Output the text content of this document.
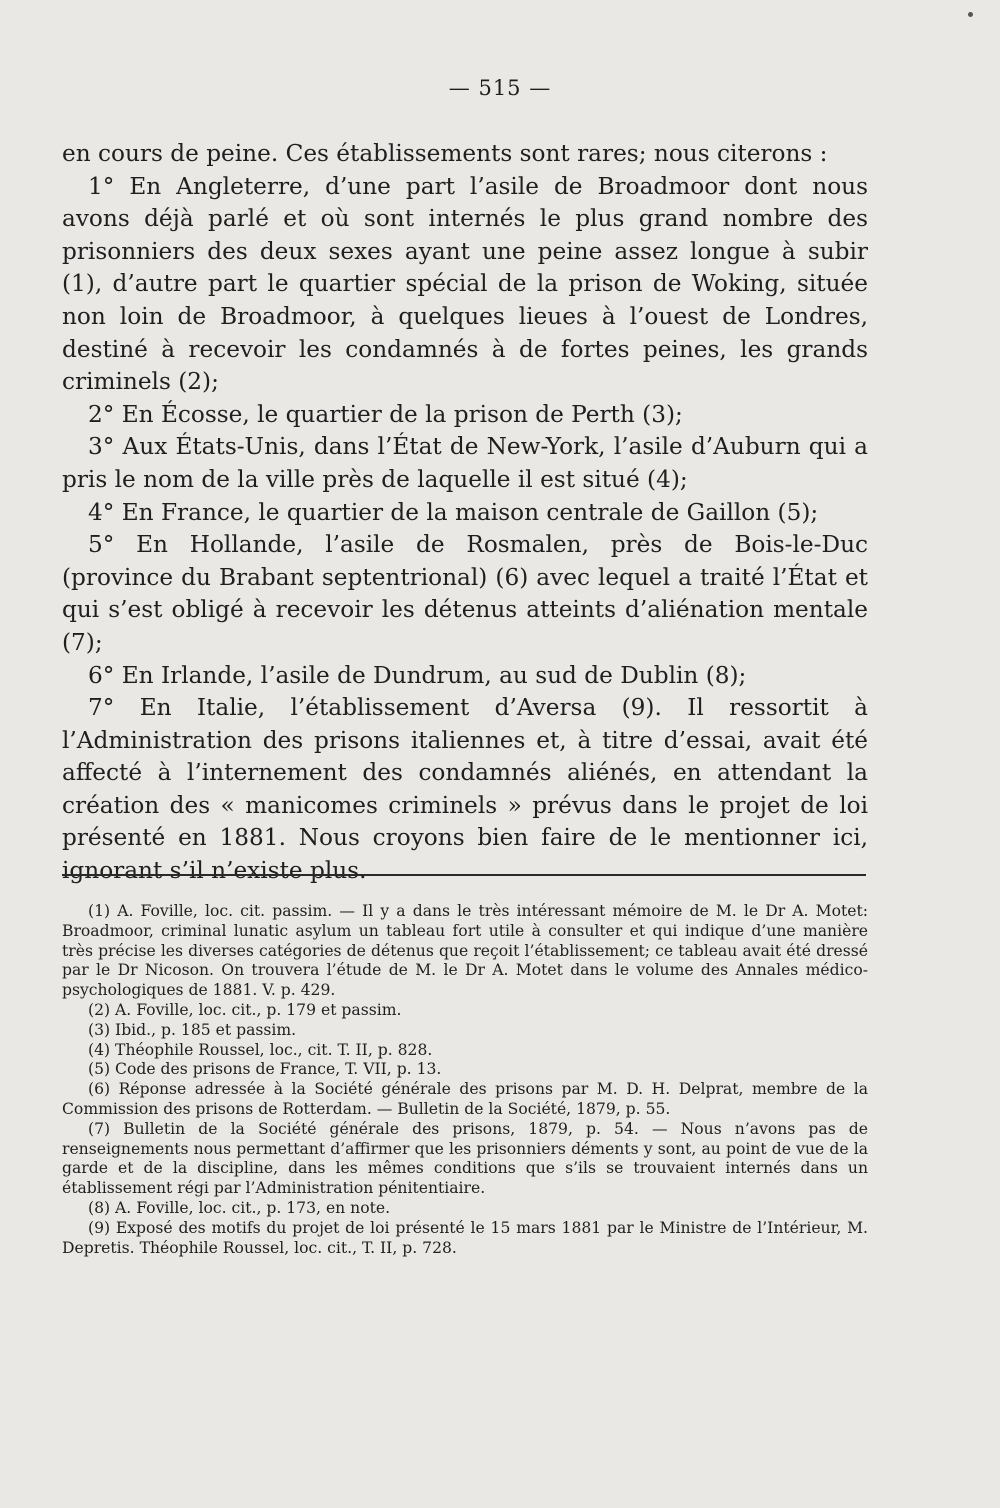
— 515 —

en cours de peine. Ces établissements sont rares; nous citerons :

1° En Angleterre, d’une part l’asile de Broadmoor dont nous avons déjà parlé et où sont internés le plus grand nombre des prisonniers des deux sexes ayant une peine assez longue à subir (1), d’autre part le quartier spécial de la prison de Woking, située non loin de Broadmoor, à quelques lieues à l’ouest de Londres, destiné à recevoir les condamnés à de fortes peines, les grands criminels (2);

2° En Écosse, le quartier de la prison de Perth (3);

3° Aux États-Unis, dans l’État de New-York, l’asile d’Auburn qui a pris le nom de la ville près de laquelle il est situé (4);

4° En France, le quartier de la maison centrale de Gaillon (5);

5° En Hollande, l’asile de Rosmalen, près de Bois-le-Duc (province du Brabant septentrional) (6) avec lequel a traité l’État et qui s’est obligé à recevoir les détenus atteints d’aliénation mentale (7);

6° En Irlande, l’asile de Dundrum, au sud de Dublin (8);

7° En Italie, l’établissement d’Aversa (9). Il ressortit à l’Administration des prisons italiennes et, à titre d’essai, avait été affecté à l’internement des condamnés aliénés, en attendant la création des « manicomes criminels » prévus dans le projet de loi présenté en 1881. Nous croyons bien faire de le mentionner ici, ignorant s’il n’existe plus.

(1) A. Foville, loc. cit. passim. — Il y a dans le très intéressant mémoire de M. le Dr A. Motet: Broadmoor, criminal lunatic asylum un tableau fort utile à consulter et qui indique d’une manière très précise les diverses catégories de détenus que reçoit l’établissement; ce tableau avait été dressé par le Dr Nicoson. On trouvera l’étude de M. le Dr A. Motet dans le volume des Annales médico-psychologiques de 1881. V. p. 429.

(2) A. Foville, loc. cit., p. 179 et passim.

(3) Ibid., p. 185 et passim.

(4) Théophile Roussel, loc., cit. T. II, p. 828.

(5) Code des prisons de France, T. VII, p. 13.

(6) Réponse adressée à la Société générale des prisons par M. D. H. Delprat, membre de la Commission des prisons de Rotterdam. — Bulletin de la Société, 1879, p. 55.

(7) Bulletin de la Société générale des prisons, 1879, p. 54. — Nous n’avons pas de renseignements nous permettant d’affirmer que les prisonniers déments y sont, au point de vue de la garde et de la discipline, dans les mêmes conditions que s’ils se trouvaient internés dans un établissement régi par l’Administration pénitentiaire.

(8) A. Foville, loc. cit., p. 173, en note.

(9) Exposé des motifs du projet de loi présenté le 15 mars 1881 par le Ministre de l’Intérieur, M. Depretis. Théophile Roussel, loc. cit., T. II, p. 728.
